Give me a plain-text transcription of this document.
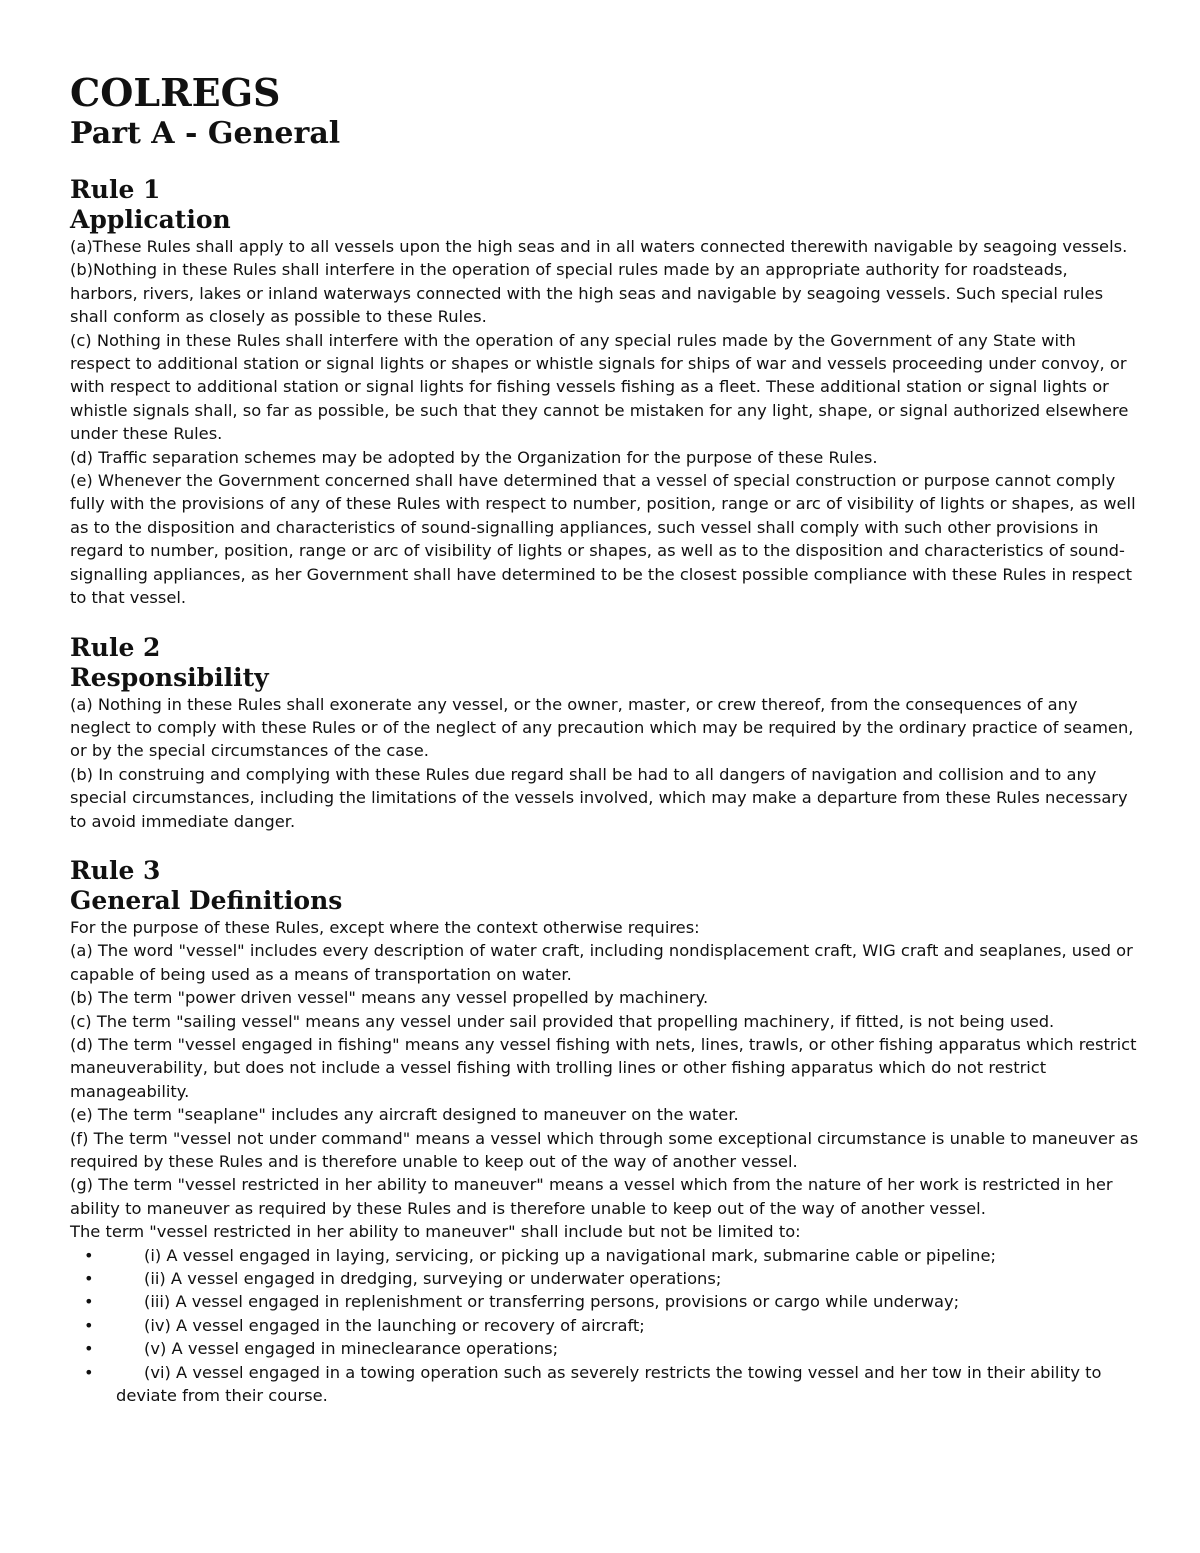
COLREGS
Part A - General
Rule 1
Application

(a)These Rules shall apply to all vessels upon the high seas and in all waters connected therewith navigable by seagoing vessels.

(b)Nothing in these Rules shall interfere in the operation of special rules made by an appropriate authority for roadsteads, harbors, rivers, lakes or inland waterways connected with the high seas and navigable by seagoing vessels. Such special rules shall conform as closely as possible to these Rules.

(c) Nothing in these Rules shall interfere with the operation of any special rules made by the Government of any State with respect to additional station or signal lights or shapes or whistle signals for ships of war and vessels proceeding under convoy, or with respect to additional station or signal lights for fishing vessels fishing as a fleet. These additional station or signal lights or whistle signals shall, so far as possible, be such that they cannot be mistaken for any light, shape, or signal authorized elsewhere under these Rules.

(d) Traffic separation schemes may be adopted by the Organization for the purpose of these Rules.

(e) Whenever the Government concerned shall have determined that a vessel of special construction or purpose cannot comply fully with the provisions of any of these Rules with respect to number, position, range or arc of visibility of lights or shapes, as well as to the disposition and characteristics of sound-signalling appliances, such vessel shall comply with such other provisions in regard to number, position, range or arc of visibility of lights or shapes, as well as to the disposition and characteristics of sound-signalling appliances, as her Government shall have determined to be the closest possible compliance with these Rules in respect to that vessel.

Rule 2
Responsibility

(a) Nothing in these Rules shall exonerate any vessel, or the owner, master, or crew thereof, from the consequences of any neglect to comply with these Rules or of the neglect of any precaution which may be required by the ordinary practice of seamen, or by the special circumstances of the case.

(b) In construing and complying with these Rules due regard shall be had to all dangers of navigation and collision and to any special circumstances, including the limitations of the vessels involved, which may make a departure from these Rules necessary to avoid immediate danger.

Rule 3
General Definitions

For the purpose of these Rules, except where the context otherwise requires:

(a) The word "vessel" includes every description of water craft, including nondisplacement craft, WIG craft and seaplanes, used or capable of being used as a means of transportation on water.

(b) The term "power driven vessel" means any vessel propelled by machinery.

(c) The term "sailing vessel" means any vessel under sail provided that propelling machinery, if fitted, is not being used.

(d) The term "vessel engaged in fishing" means any vessel fishing with nets, lines, trawls, or other fishing apparatus which restrict maneuverability, but does not include a vessel fishing with trolling lines or other fishing apparatus which do not restrict manageability.

(e) The term "seaplane" includes any aircraft designed to maneuver on the water.

(f) The term "vessel not under command" means a vessel which through some exceptional circumstance is unable to maneuver as required by these Rules and is therefore unable to keep out of the way of another vessel.

(g) The term "vessel restricted in her ability to maneuver" means a vessel which from the nature of her work is restricted in her ability to maneuver as required by these Rules and is therefore unable to keep out of the way of another vessel.

The term "vessel restricted in her ability to maneuver" shall include but not be limited to:

•	(i) A vessel engaged in laying, servicing, or picking up a navigational mark, submarine cable or pipeline;
•	(ii) A vessel engaged in dredging, surveying or underwater operations;
•	(iii) A vessel engaged in replenishment or transferring persons, provisions or cargo while underway;
•	(iv) A vessel engaged in the launching or recovery of aircraft;
•	(v) A vessel engaged in mineclearance operations;
•	(vi) A vessel engaged in a towing operation such as severely restricts the towing vessel and her tow in their ability to deviate from their course.
